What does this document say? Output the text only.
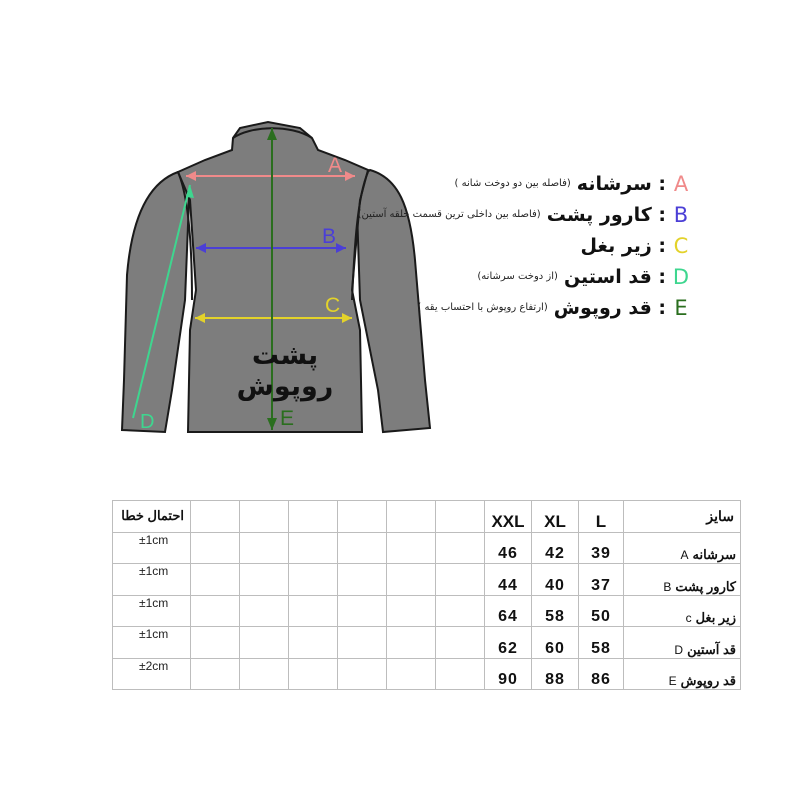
A
B
C
D	E
پشت روپوش
A
: سرشانه
(فاصله بین دو دوخت شانه )
B
: کارور پشت
(فاصله بین داخلی ترین قسمت حلقه آستین)
C
: زیر بغل
D
: قد استین
(از دوخت سرشانه)
E
: قد روپوش
(ارتفاع روپوش با احتساب یقه )
احتمال خطا							XXL	XL	L	سایز
±1cm							46	42	39	سرشانهA
±1cm							44	40	37	کارور پشتB
±1cm							64	58	50	زیر بغلc
±1cm							62	60	58	قد آستینD
±2cm							90	88	86	قد روپوشE
